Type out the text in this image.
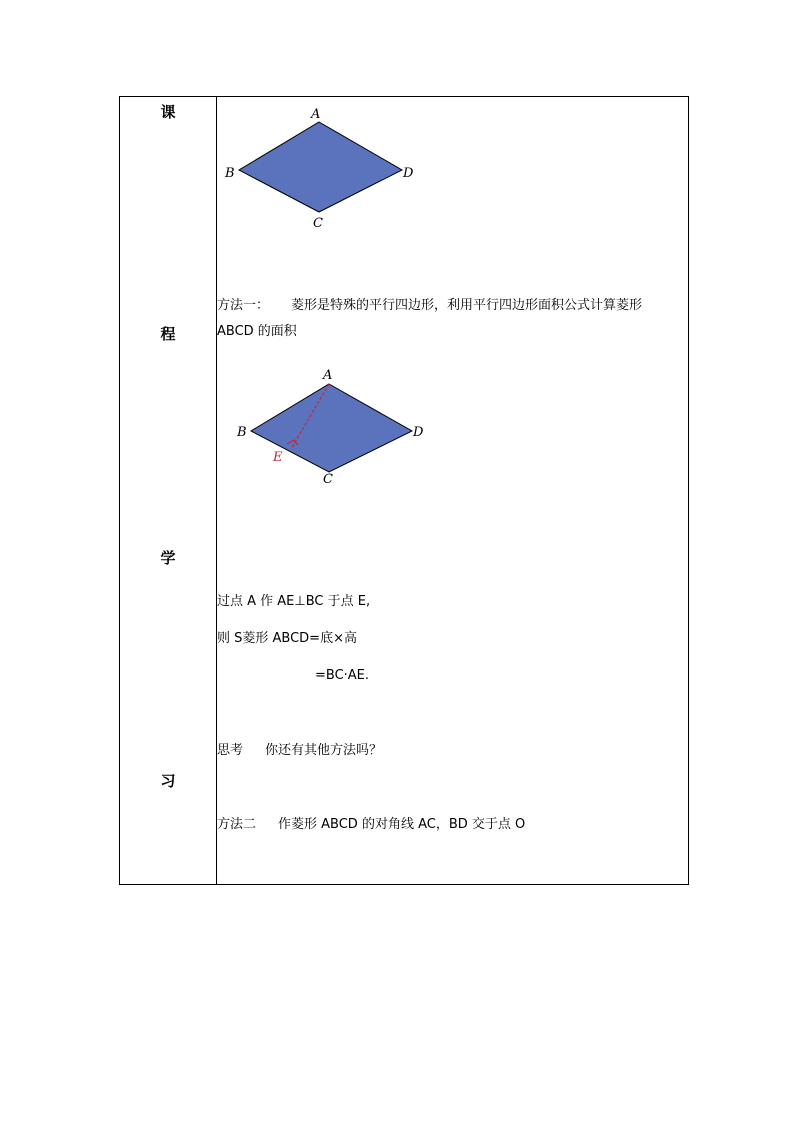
课
程
学
习
A
B
C
D
方法一： 菱形是特殊的平行四边形，利用平行四边形面积公式计算菱形
ABCD 的面积
A
B
C
D
E
过点 A 作 AE⊥BC 于点 E,
则 S菱形 ABCD=底×高
=BC·AE.
思考 你还有其他方法吗？
方法二 作菱形 ABCD 的对角线 AC，BD 交于点 O
